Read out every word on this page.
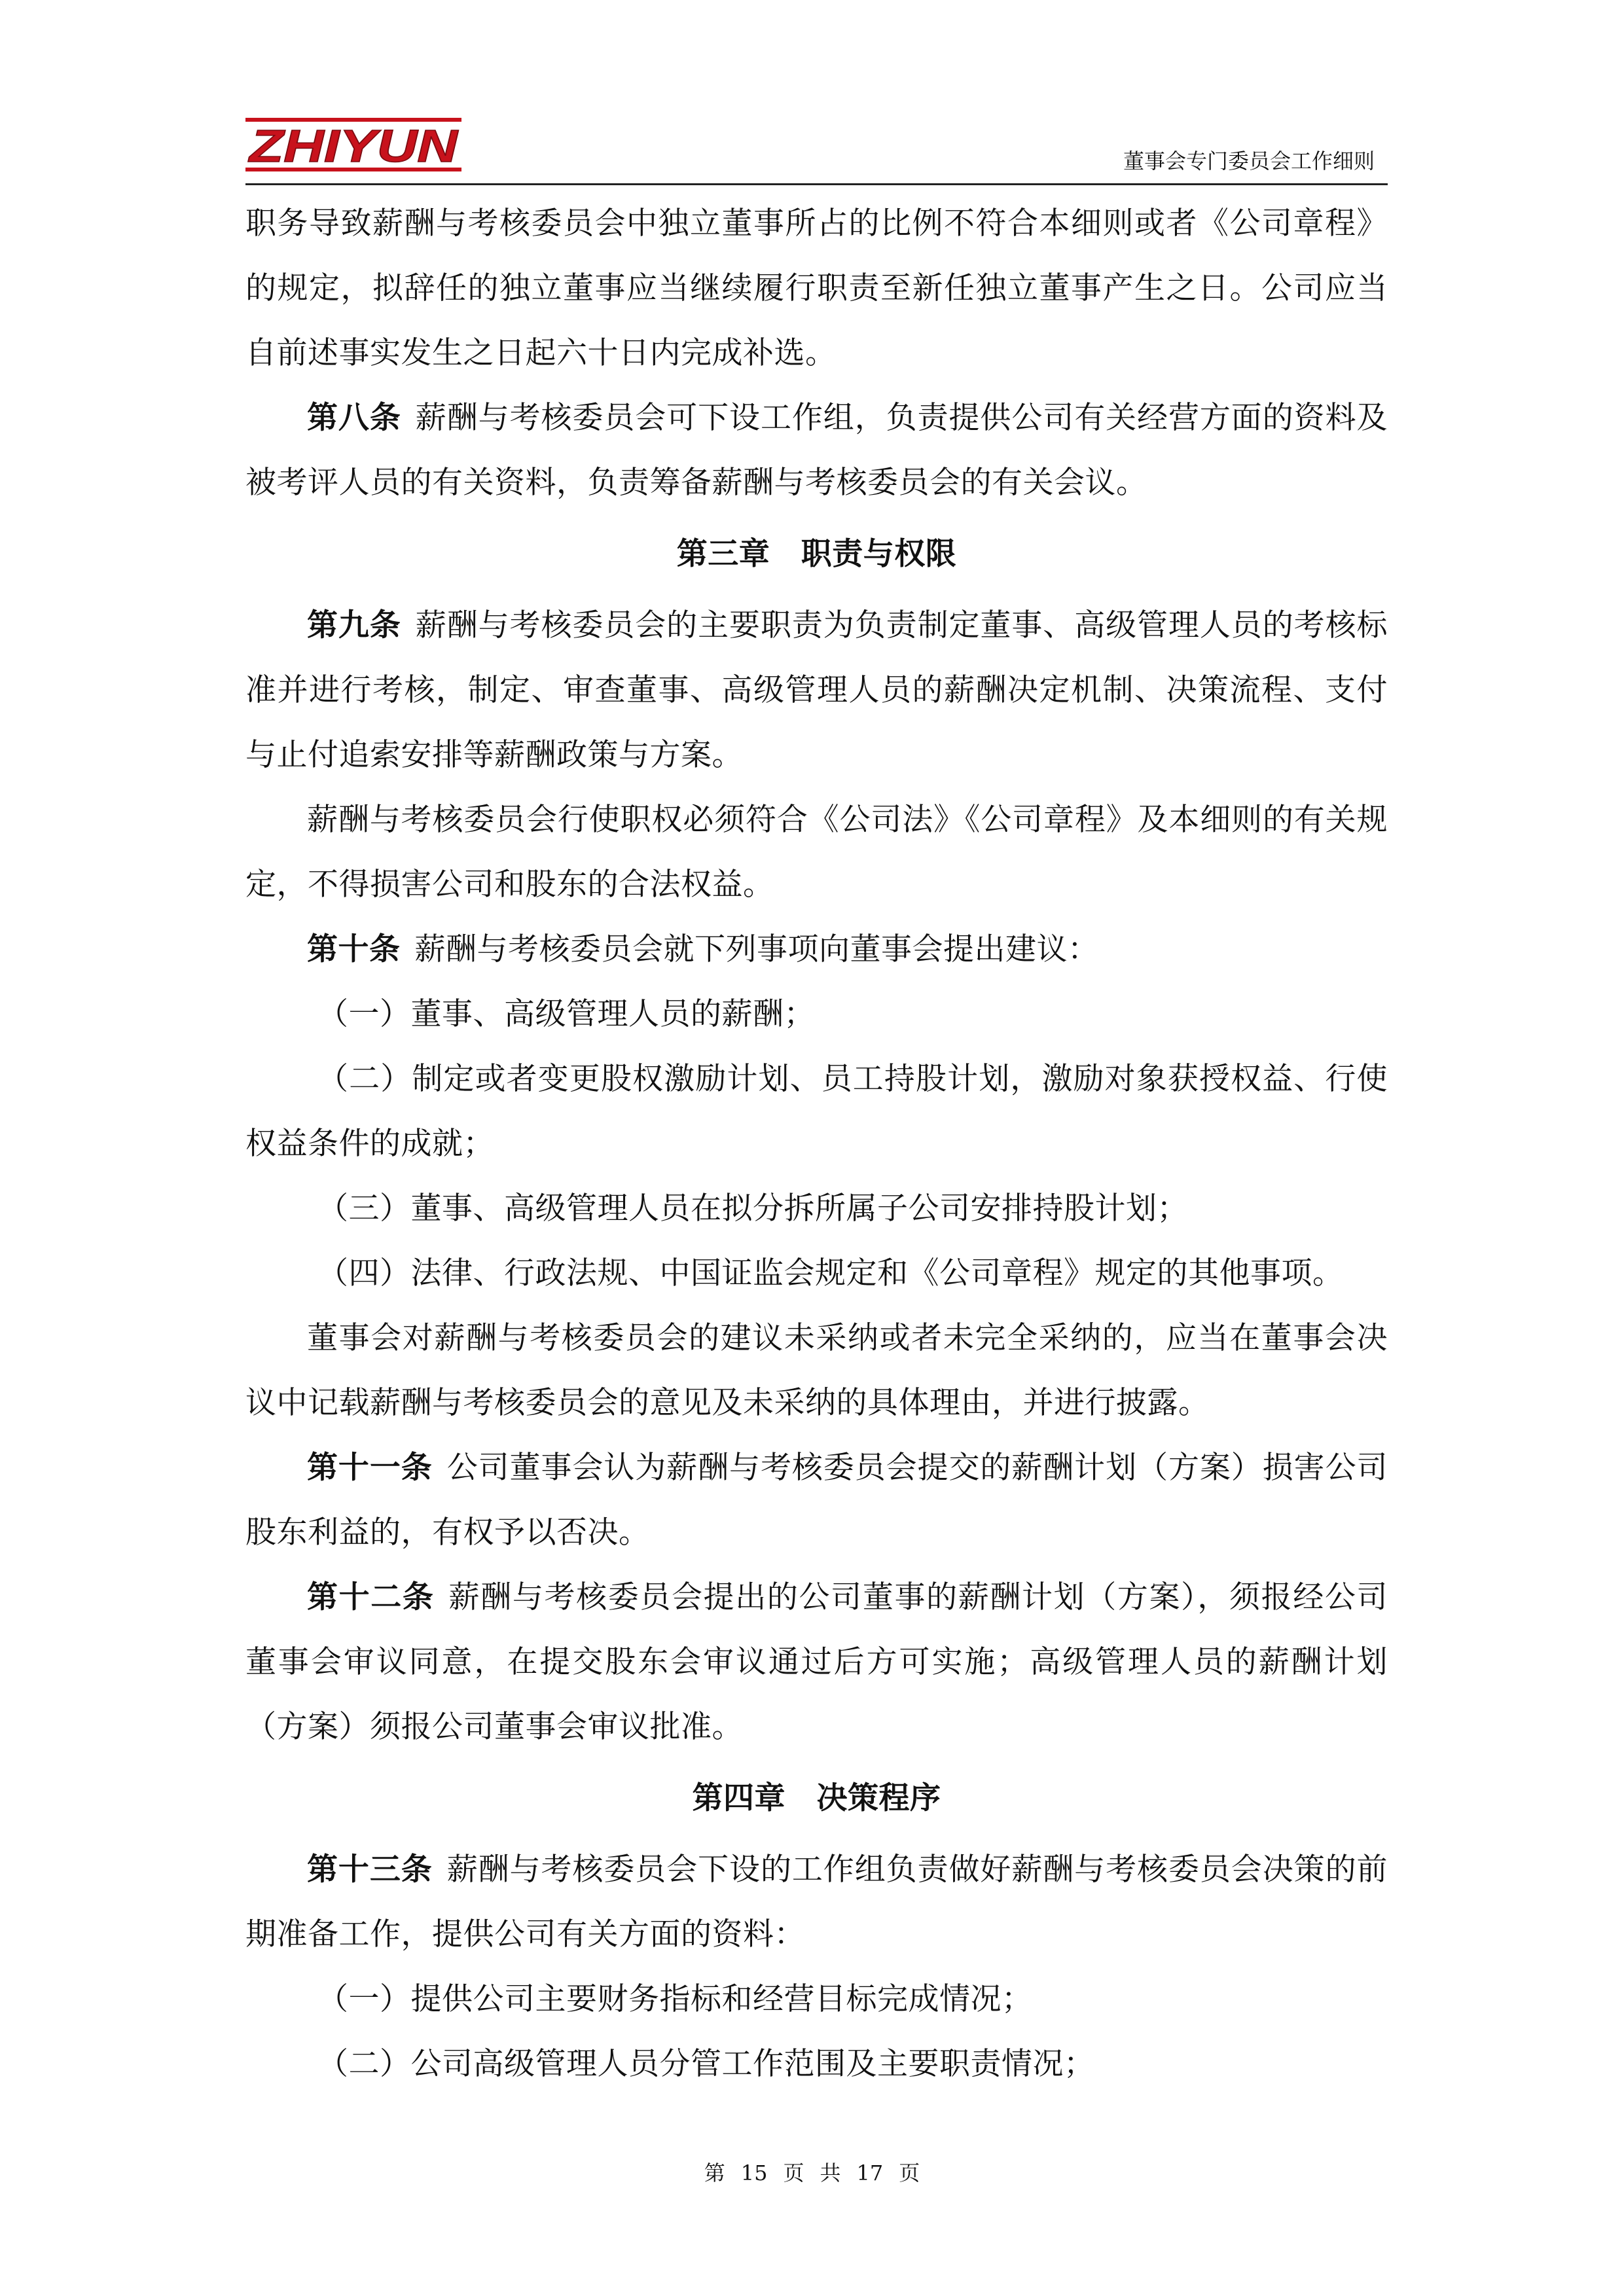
ZHIYUN	董事会专门委员会工作细则

职务导致薪酬与考核委员会中独立董事所占的比例不符合本细则或者《公司章程》的规定，拟辞任的独立董事应当继续履行职责至新任独立董事产生之日。公司应当自前述事实发生之日起六十日内完成补选。

第八条 薪酬与考核委员会可下设工作组，负责提供公司有关经营方面的资料及被考评人员的有关资料，负责筹备薪酬与考核委员会的有关会议。

第三章　职责与权限

第九条 薪酬与考核委员会的主要职责为负责制定董事、高级管理人员的考核标准并进行考核，制定、审查董事、高级管理人员的薪酬决定机制、决策流程、支付与止付追索安排等薪酬政策与方案。

薪酬与考核委员会行使职权必须符合《公司法》《公司章程》及本细则的有关规定，不得损害公司和股东的合法权益。

第十条 薪酬与考核委员会就下列事项向董事会提出建议：

（一）董事、高级管理人员的薪酬；

（二）制定或者变更股权激励计划、员工持股计划，激励对象获授权益、行使权益条件的成就；

（三）董事、高级管理人员在拟分拆所属子公司安排持股计划；

（四）法律、行政法规、中国证监会规定和《公司章程》规定的其他事项。

董事会对薪酬与考核委员会的建议未采纳或者未完全采纳的，应当在董事会决议中记载薪酬与考核委员会的意见及未采纳的具体理由，并进行披露。

第十一条 公司董事会认为薪酬与考核委员会提交的薪酬计划（方案）损害公司股东利益的，有权予以否决。

第十二条 薪酬与考核委员会提出的公司董事的薪酬计划（方案），须报经公司董事会审议同意，在提交股东会审议通过后方可实施；高级管理人员的薪酬计划（方案）须报公司董事会审议批准。

第四章　决策程序

第十三条 薪酬与考核委员会下设的工作组负责做好薪酬与考核委员会决策的前期准备工作，提供公司有关方面的资料：

（一）提供公司主要财务指标和经营目标完成情况；

（二）公司高级管理人员分管工作范围及主要职责情况；

第 15 页 共 17 页
